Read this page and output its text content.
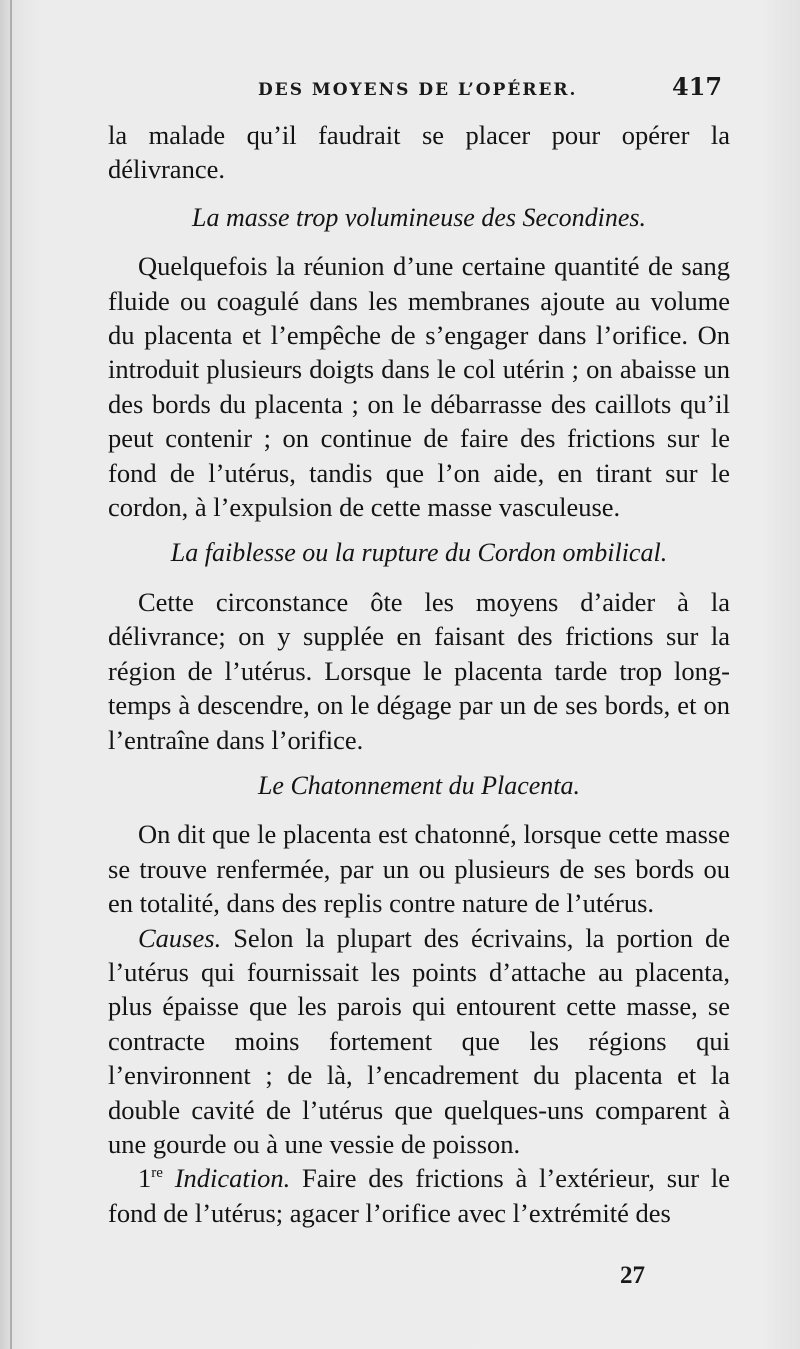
DES MOYENS DE L’OPÉRER.	417

la malade qu’il faudrait se placer pour opérer la délivrance.

La masse trop volumineuse des Secondines.

Quelquefois la réunion d’une certaine quantité de sang fluide ou coagulé dans les membranes ajoute au volume du placenta et l’empêche de s’engager dans l’orifice. On introduit plusieurs doigts dans le col utérin ; on abaisse un des bords du placenta ; on le débarrasse des caillots qu’il peut contenir ; on continue de faire des frictions sur le fond de l’utérus, tandis que l’on aide, en tirant sur le cordon, à l’expulsion de cette masse vasculeuse.

La faiblesse ou la rupture du Cordon ombilical.

Cette circonstance ôte les moyens d’aider à la délivrance; on y supplée en faisant des frictions sur la région de l’utérus. Lorsque le placenta tarde trop long-temps à descendre, on le dégage par un de ses bords, et on l’entraîne dans l’orifice.

Le Chatonnement du Placenta.

On dit que le placenta est chatonné, lorsque cette masse se trouve renfermée, par un ou plusieurs de ses bords ou en totalité, dans des replis contre nature de l’utérus.

Causes. Selon la plupart des écrivains, la portion de l’utérus qui fournissait les points d’attache au placenta, plus épaisse que les parois qui entourent cette masse, se contracte moins fortement que les régions qui l’environnent ; de là, l’encadrement du placenta et la double cavité de l’utérus que quelques-uns comparent à une gourde ou à une vessie de poisson.

1re Indication. Faire des frictions à l’extérieur, sur le fond de l’utérus; agacer l’orifice avec l’extrémité des

27
